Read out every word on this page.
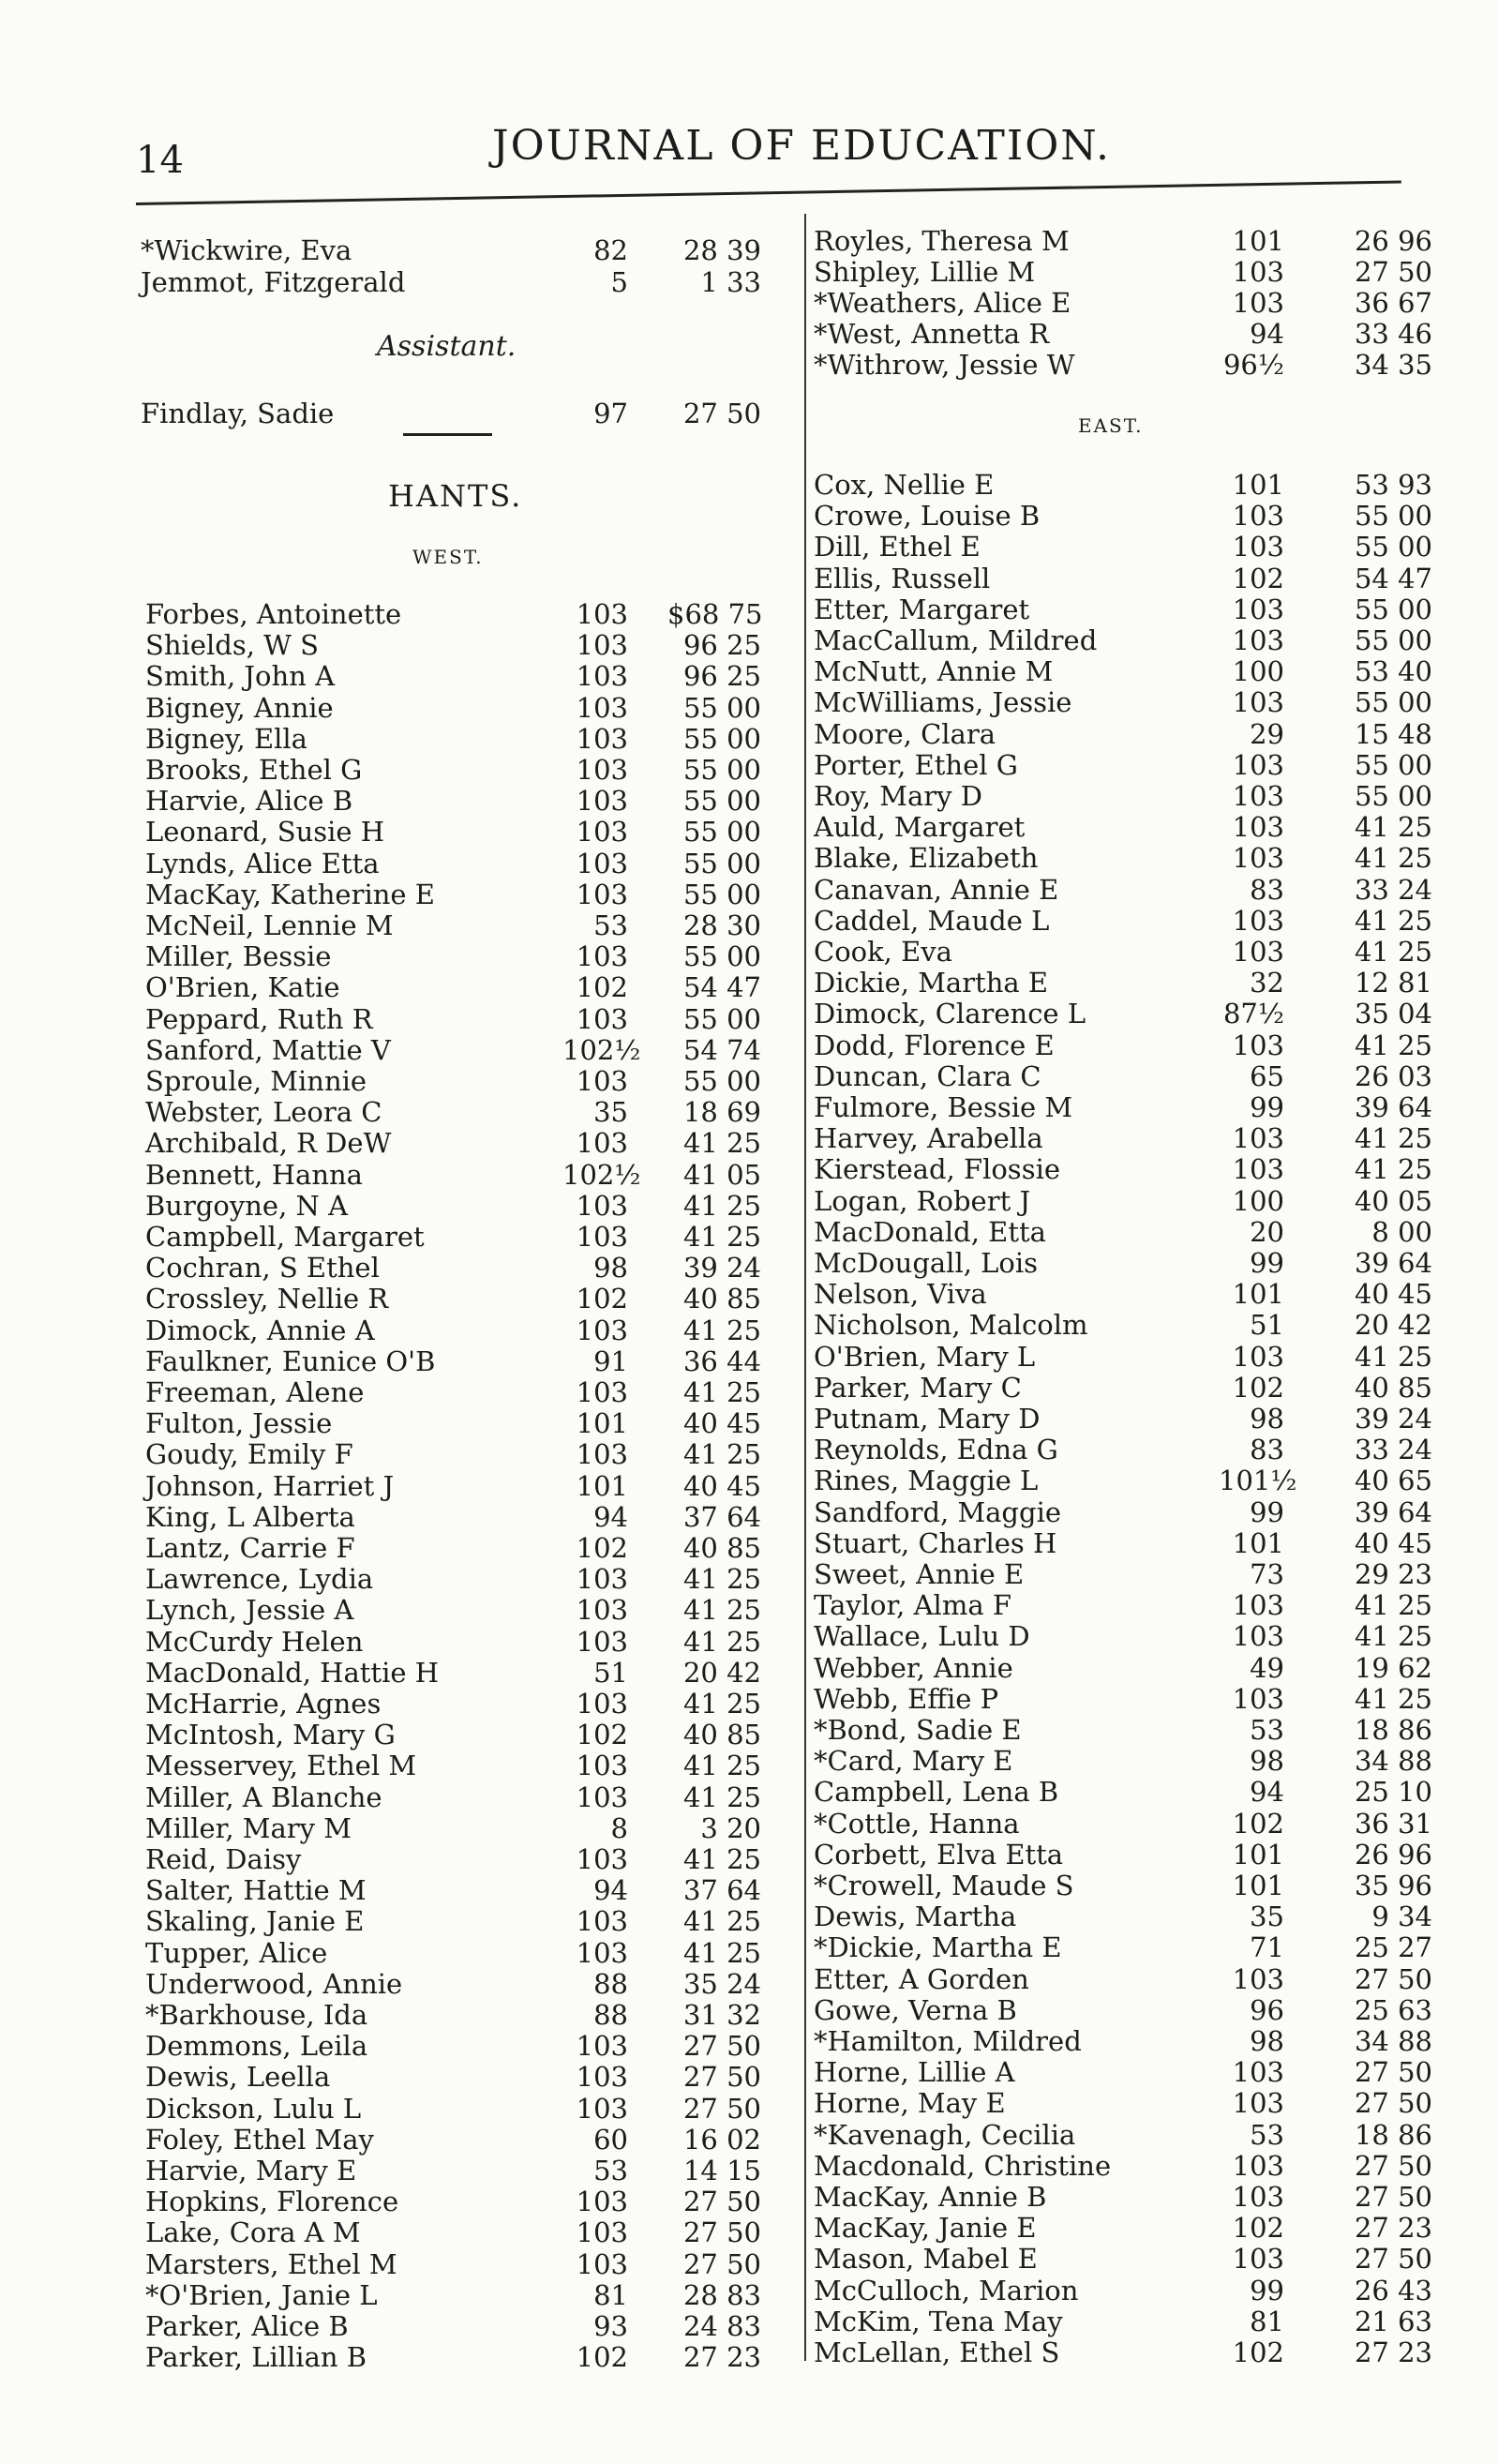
14	JOURNAL OF EDUCATION.
Assistant.
HANTS.
WEST.
*Wickwire, Eva	82	28 39
Jemmot, Fitzgerald	5	1 33
Findlay, Sadie	97	27 50
Forbes, Antoinette	103 $68 75
Shields, W S	103	96 25
Smith, John A	103	96 25
Bigney, Annie	103	55 00
Bigney, Ella	103	55 00
Brooks, Ethel G	103	55 00
Harvie, Alice B	103	55 00
Leonard, Susie H	103	55 00
Lynds, Alice Etta	103	55 00
MacKay, Katherine E	103	55 00
McNeil, Lennie M	53	28 30
Miller, Bessie	103	55 00
O'Brien, Katie	102	54 47
Peppard, Ruth R	103	55 00
Sanford, Mattie V	102½	54 74
Sproule, Minnie	103	55 00
Webster, Leora C	35	18 69
Archibald, R DeW	103	41 25
Bennett, Hanna	102½	41 05
Burgoyne, N A	103	41 25
Campbell, Margaret	103	41 25
Cochran, S Ethel	98	39 24
Crossley, Nellie R	102	40 85
Dimock, Annie A	103	41 25
Faulkner, Eunice O'B	91	36 44
Freeman, Alene	103	41 25
Fulton, Jessie	101	40 45
Goudy, Emily F	103	41 25
Johnson, Harriet J	101	40 45
King, L Alberta	94	37 64
Lantz, Carrie F	102	40 85
Lawrence, Lydia	103	41 25
Lynch, Jessie A	103	41 25
McCurdy Helen	103	41 25
MacDonald, Hattie H	51	20 42
McHarrie, Agnes	103	41 25
McIntosh, Mary G	102	40 85
Messervey, Ethel M	103	41 25
Miller, A Blanche	103	41 25
Miller, Mary M	8	3 20
Reid, Daisy	103	41 25
Salter, Hattie M	94	37 64
Skaling, Janie E	103	41 25
Tupper, Alice	103	41 25
Underwood, Annie	88	35 24
*Barkhouse, Ida	88	31 32
Demmons, Leila	103	27 50
Dewis, Leella	103	27 50
Dickson, Lulu L	103	27 50
Foley, Ethel May	60	16 02
Harvie, Mary E	53	14 15
Hopkins, Florence	103	27 50
Lake, Cora A M	103	27 50
Marsters, Ethel M	103	27 50
*O'Brien, Janie L	81	28 83
Parker, Alice B	93	24 83
Parker, Lillian B	102	27 23
EAST.
Royles, Theresa M	101	26 96
Shipley, Lillie M	103	27 50
*Weathers, Alice E	103	36 67
*West, Annetta R	94	33 46
*Withrow, Jessie W	96½	34 35
Cox, Nellie E	101	53 93
Crowe, Louise B	103	55 00
Dill, Ethel E	103	55 00
Ellis, Russell	102	54 47
Etter, Margaret	103	55 00
MacCallum, Mildred	103	55 00
McNutt, Annie M	100	53 40
McWilliams, Jessie	103	55 00
Moore, Clara	29	15 48
Porter, Ethel G	103	55 00
Roy, Mary D	103	55 00
Auld, Margaret	103	41 25
Blake, Elizabeth	103	41 25
Canavan, Annie E	83	33 24
Caddel, Maude L	103	41 25
Cook, Eva	103	41 25
Dickie, Martha E	32	12 81
Dimock, Clarence L	87½	35 04
Dodd, Florence E	103	41 25
Duncan, Clara C	65	26 03
Fulmore, Bessie M	99	39 64
Harvey, Arabella	103	41 25
Kierstead, Flossie	103	41 25
Logan, Robert J	100	40 05
MacDonald, Etta	20	8 00
McDougall, Lois	99	39 64
Nelson, Viva	101	40 45
Nicholson, Malcolm	51	20 42
O'Brien, Mary L	103	41 25
Parker, Mary C	102	40 85
Putnam, Mary D	98	39 24
Reynolds, Edna G	83	33 24
Rines, Maggie L	101½	40 65
Sandford, Maggie	99	39 64
Stuart, Charles H	101	40 45
Sweet, Annie E	73	29 23
Taylor, Alma F	103	41 25
Wallace, Lulu D	103	41 25
Webber, Annie	49	19 62
Webb, Effie P	103	41 25
*Bond, Sadie E	53	18 86
*Card, Mary E	98	34 88
Campbell, Lena B	94	25 10
*Cottle, Hanna	102	36 31
Corbett, Elva Etta	101	26 96
*Crowell, Maude S	101	35 96
Dewis, Martha	35	9 34
*Dickie, Martha E	71	25 27
Etter, A Gorden	103	27 50
Gowe, Verna B	96	25 63
*Hamilton, Mildred	98	34 88
Horne, Lillie A	103	27 50
Horne, May E	103	27 50
*Kavenagh, Cecilia	53	18 86
Macdonald, Christine	103	27 50
MacKay, Annie B	103	27 50
MacKay, Janie E	102	27 23
Mason, Mabel E	103	27 50
McCulloch, Marion	99	26 43
McKim, Tena May	81	21 63
McLellan, Ethel S	102	27 23
